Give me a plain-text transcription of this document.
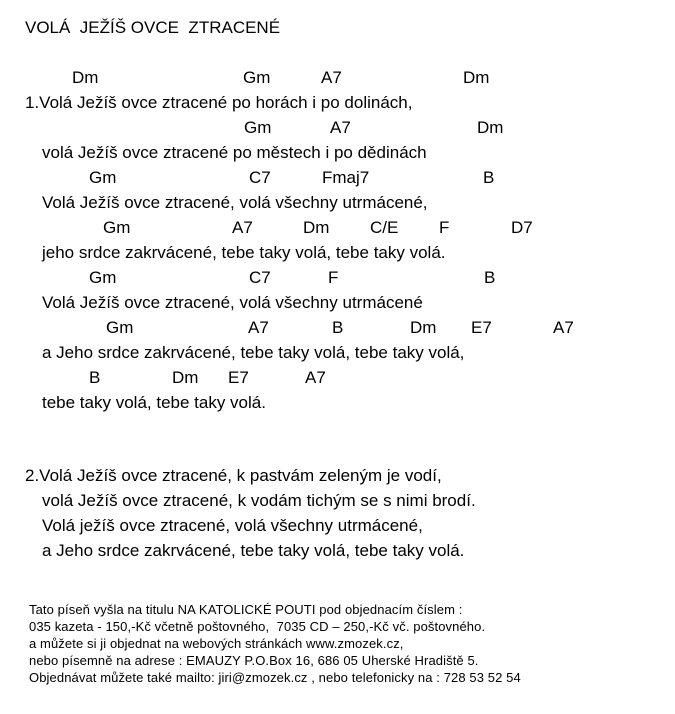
VOLÁ  JEŽÍŠ OVCE  ZTRACENÉ
Dm	Gm	A7	Dm
1.Volá Ježíš ovce ztracené po horách i po dolinách,
Gm	A7	Dm
volá Ježíš ovce ztracené po městech i po dědinách
Gm	C7	Fmaj7	B
Volá Ježíš ovce ztracené, volá všechny utrmácené,
Gm	A7	Dm C/E F	D7
jeho srdce zakrvácené, tebe taky volá, tebe taky volá.
Gm	C7	F	B
Volá Ježíš ovce ztracené, volá všechny utrmácené
Gm	A7	B	Dm E7	A7
a Jeho srdce zakrvácené, tebe taky volá, tebe taky volá,
B	Dm E7	A7
tebe taky volá, tebe taky volá.
2.Volá Ježíš ovce ztracené, k pastvám zeleným je vodí,
volá Ježíš ovce ztracené, k vodám tichým se s nimi brodí.
Volá ježíš ovce ztracené, volá všechny utrmácené,
a Jeho srdce zakrvácené, tebe taky volá, tebe taky volá.
Tato píseň vyšla na titulu NA KATOLICKÉ POUTI pod objednacím číslem :
035 kazeta - 150,-Kč včetně poštovného,  7035 CD – 250,-Kč vč. poštovného.
a můžete si ji objednat na webových stránkách www.zmozek.cz,
nebo písemně na adrese : EMAUZY P.O.Box 16, 686 05 Uherské Hradiště 5.
Objednávat můžete také mailto: jiri@zmozek.cz , nebo telefonicky na : 728 53 52 54
